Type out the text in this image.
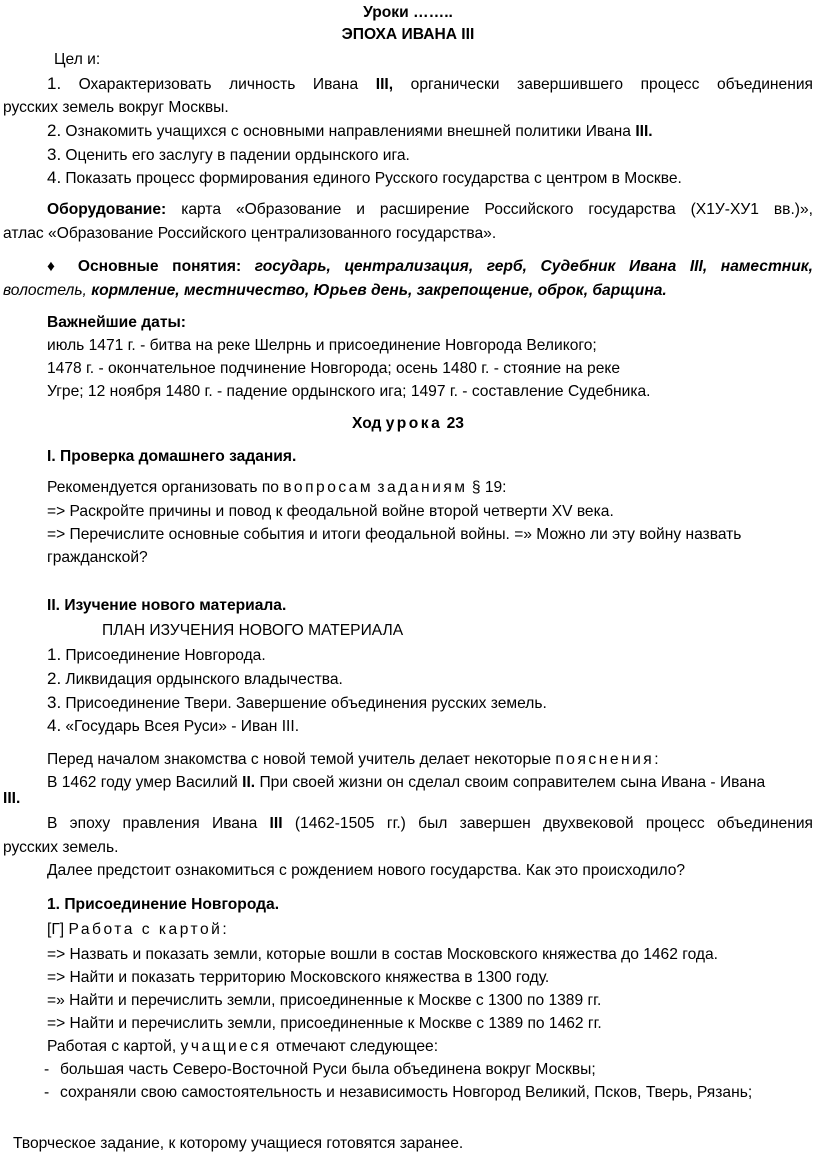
Уроки ……..
ЭПОХА ИВАНА III
Цел и:
1. Охарактеризовать личность Ивана III, органически завершившего процесс объединения
русских земель вокруг Москвы.
2. Ознакомить учащихся с основными направлениями внешней политики Ивана III.
3. Оценить его заслугу в падении ордынского ига.
4. Показать процесс формирования единого Русского государства с центром в Москве.
Оборудование: карта «Образование и расширение Российского государства (Х1У-ХУ1 вв.)»,
атлас «Образование Российского централизованного государства».
♦ Основные понятия: государь, централизация, герб, Судебник Ивана III, наместник,
волостель, кормление, местничество, Юрьев день, закрепощение, оброк, барщина.
Важнейшие даты:
июль 1471 г. - битва на реке Шелрнь и присоединение Новгорода Великого;
1478 г. - окончательное подчинение Новгорода; осень 1480 г. - стояние на реке
Угре; 12 ноября 1480 г. - падение ордынского ига; 1497 г. - составление Судебника.
Ход урока 23
I. Проверка домашнего задания.
Рекомендуется организовать по вопросам заданиям § 19:
=> Раскройте причины и повод к феодальной войне второй четверти XV века.
=> Перечислите основные события и итоги феодальной войны. =» Можно ли эту войну назвать
гражданской?
II. Изучение нового материала.
ПЛАН ИЗУЧЕНИЯ НОВОГО МАТЕРИАЛА
1. Присоединение Новгорода.
2. Ликвидация ордынского владычества.
3. Присоединение Твери. Завершение объединения русских земель.
4. «Государь Всея Руси» - Иван III.
Перед началом знакомства с новой темой учитель делает некоторые пояснения:
В 1462 году умер Василий II. При своей жизни он сделал своим соправителем сына Ивана - Ивана
III.
В эпоху правления Ивана III (1462-1505 гг.) был завершен двухвековой процесс объединения
русских земель.
Далее предстоит ознакомиться с рождением нового государства. Как это происходило?
1. Присоединение Новгорода.
[Г] Работа с картой:
=> Назвать и показать земли, которые вошли в состав Московского княжества до 1462 года.
=> Найти и показать территорию Московского княжества в 1300 году.
=» Найти и перечислить земли, присоединенные к Москве с 1300 по 1389 гг.
=> Найти и перечислить земли, присоединенные к Москве с 1389 по 1462 гг.
Работая с картой, учащиеся отмечают следующее:
- большая часть Северо-Восточной Руси была объединена вокруг Москвы;
- сохраняли свою самостоятельность и независимость Новгород Великий, Псков, Тверь, Рязань;
Творческое задание, к которому учащиеся готовятся заранее.
